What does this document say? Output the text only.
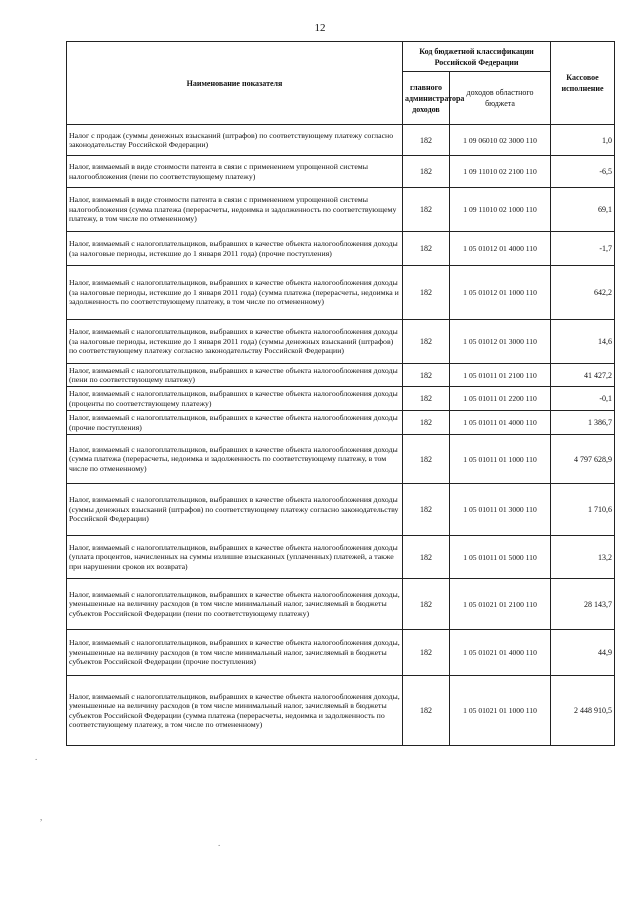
12
Наименование показателя	Код бюджетной классификации Российской Федерации		Кассовое исполнение
	главного администратора доходов	доходов областного бюджета	
Налог с продаж (суммы денежных взысканий (штрафов) по соответствующему платежу согласно законодательству Российской Федерации)	182	1 09 06010 02 3000 110	1,0
Налог, взимаемый в виде стоимости патента в связи с применением упрощенной системы налогообложения (пени по соответствующему платежу)	182	1 09 11010 02 2100 110	-6,5
Налог, взимаемый в виде стоимости патента в связи с применением упрощенной системы налогообложения (сумма платежа (перерасчеты, недоимка и задолженность по соответствующему платежу, в том числе по отмененному)	182	1 09 11010 02 1000 110	69,1
Налог, взимаемый с налогоплательщиков, выбравших в качестве объекта налогообложения доходы (за налоговые периоды, истекшие до 1 января 2011 года) (прочие поступления)	182	1 05 01012 01 4000 110	-1,7
Налог, взимаемый с налогоплательщиков, выбравших в качестве объекта налогообложения доходы (за налоговые периоды, истекшие до 1 января 2011 года) (сумма платежа (перерасчеты, недоимка и задолженность по соответствующему платежу, в том числе по отмененному)	182	1 05 01012 01 1000 110	642,2
Налог, взимаемый с налогоплательщиков, выбравших в качестве объекта налогообложения доходы (за налоговые периоды, истекшие до 1 января 2011 года) (суммы денежных взысканий (штрафов) по соответствующему платежу согласно законодательству Российской Федерации)	182	1 05 01012 01 3000 110	14,6
Налог, взимаемый с налогоплательщиков, выбравших в качестве объекта налогообложения доходы (пени по соответствующему платежу)	182	1 05 01011 01 2100 110	41 427,2
Налог, взимаемый с налогоплательщиков, выбравших в качестве объекта налогообложения доходы (проценты по соответствующему платежу)	182	1 05 01011 01 2200 110	-0,1
Налог, взимаемый с налогоплательщиков, выбравших в качестве объекта налогообложения доходы (прочие поступления)	182	1 05 01011 01 4000 110	1 386,7
Налог, взимаемый с налогоплательщиков, выбравших в качестве объекта налогообложения доходы (сумма платежа (перерасчеты, недоимка и задолженность по соответствующему платежу, в том числе по отмененному)	182	1 05 01011 01 1000 110	4 797 628,9
Налог, взимаемый с налогоплательщиков, выбравших в качестве объекта налогообложения доходы (суммы денежных взысканий (штрафов) по соответствующему платежу согласно законодательству Российской Федерации)	182	1 05 01011 01 3000 110	1 710,6
Налог, взимаемый с налогоплательщиков, выбравших в качестве объекта налогообложения доходы (уплата процентов, начисленных на суммы излишне взысканных (уплаченных) платежей, а также при нарушении сроков их возврата)	182	1 05 01011 01 5000 110	13,2
Налог, взимаемый с налогоплательщиков, выбравших в качестве объекта налогообложения доходы, уменьшенные на величину расходов (в том числе минимальный налог, зачисляемый в бюджеты субъектов Российской Федерации (пени по соответствующему платежу)	182	1 05 01021 01 2100 110	28 143,7
Налог, взимаемый с налогоплательщиков, выбравших в качестве объекта налогообложения доходы, уменьшенные на величину расходов (в том числе минимальный налог, зачисляемый в бюджеты субъектов Российской Федерации (прочие поступления)	182	1 05 01021 01 4000 110	44,9
Налог, взимаемый с налогоплательщиков, выбравших в качестве объекта налогообложения доходы, уменьшенные на величину расходов (в том числе минимальный налог, зачисляемый в бюджеты субъектов Российской Федерации (сумма платежа (перерасчеты, недоимка и задолженность по соответствующему платежу, в том числе по отмененному)	182	1 05 01021 01 1000 110	2 448 910,5
.
,
.
